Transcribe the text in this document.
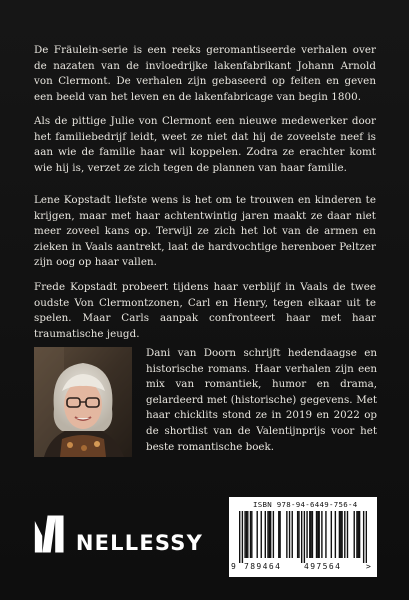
De Fräulein-serie is een reeks geromantiseerde verhalen over de nazaten van de invloedrijke lakenfabrikant Johann Arnold von Clermont. De verhalen zijn gebaseerd op feiten en geven een beeld van het leven en de lakenfabricage van begin 1800.

Als de pittige Julie von Clermont een nieuwe medewerker door het familiebedrijf leidt, weet ze niet dat hij de zoveelste neef is aan wie de familie haar wil koppelen. Zodra ze erachter komt wie hij is, verzet ze zich tegen de plannen van haar familie.

Lene Kopstadt liefste wens is het om te trouwen en kinderen te krijgen, maar met haar achtentwintig jaren maakt ze daar niet meer zoveel kans op. Terwijl ze zich het lot van de armen en zieken in Vaals aantrekt, laat de hardvochtige herenboer Peltzer zijn oog op haar vallen.

Frede Kopstadt probeert tijdens haar verblijf in Vaals de twee oudste Von Clermontzonen, Carl en Henry, tegen elkaar uit te spelen. Maar Carls aanpak confronteert haar met haar traumatische jeugd.

Dani van Doorn schrijft hedendaagse en historische romans. Haar verhalen zijn een mix van romantiek, humor en drama, gelardeerd met (historische) gegevens. Met haar chicklits stond ze in 2019 en 2022 op de shortlist van de Valentijnprijs voor het beste romantische boek.

NELLESSY
ISBN 978-94-6449-756-4
9 789464	497564	>
